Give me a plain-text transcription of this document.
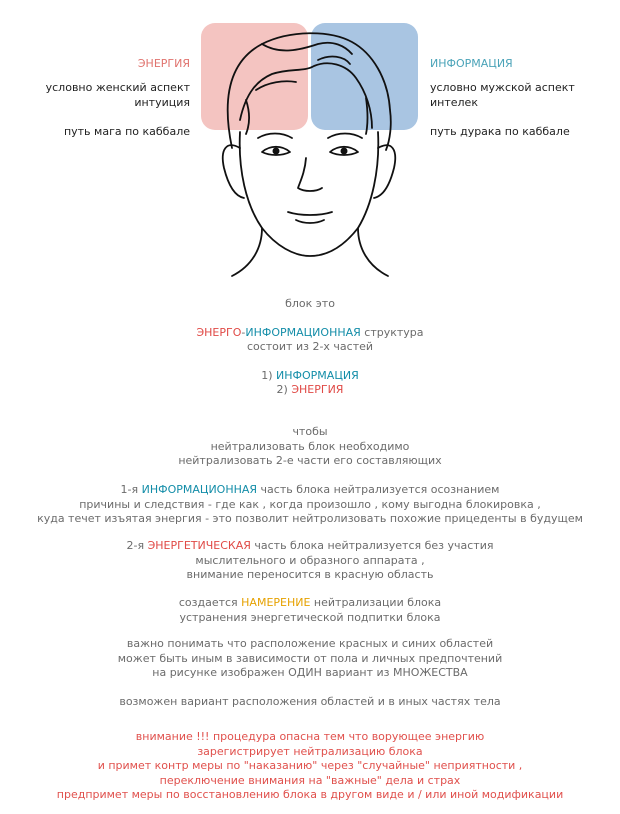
ЭНЕРГИЯ
условно женский аспект
интуиция
путь мага по каббале
ИНФОРМАЦИЯ
условно мужской аспект
интелек
путь дурака по каббале
блок это
ЭНЕРГО-ИНФОРМАЦИОННАЯ структура
состоит из 2-х частей
1) ИНФОРМАЦИЯ
2) ЭНЕРГИЯ
чтобы
нейтрализовать блок необходимо
нейтрализовать 2-е части его составляющих
1-я ИНФОРМАЦИОННАЯ часть блока нейтрализуется осознанием
причины и следствия - где как , когда произошло , кому выгодна блокировка ,
куда течет изъятая энергия - это позволит нейтролизовать похожие прицеденты в будущем
2-я ЭНЕРГЕТИЧЕСКАЯ часть блока нейтрализуется без участия
мыслительного и образного аппарата ,
внимание переносится в красную область
создается НАМЕРЕНИЕ нейтрализации блока
устранения энергетической подпитки блока
важно понимать что расположение красных и синих областей
может быть иным в зависимости от пола и личных предпочтений
на рисунке изображен ОДИН вариант из МНОЖЕСТВА
возможен вариант расположения областей и в иных частях тела
внимание !!! процедура опасна тем что ворующее энергию
зарегистрирует нейтрализацию блока
и примет контр меры по "наказанию" через "случайные" неприятности ,
переключение внимания на "важные" дела и страх
предпримет меры по восстановлению блока в другом виде и / или иной модификации
